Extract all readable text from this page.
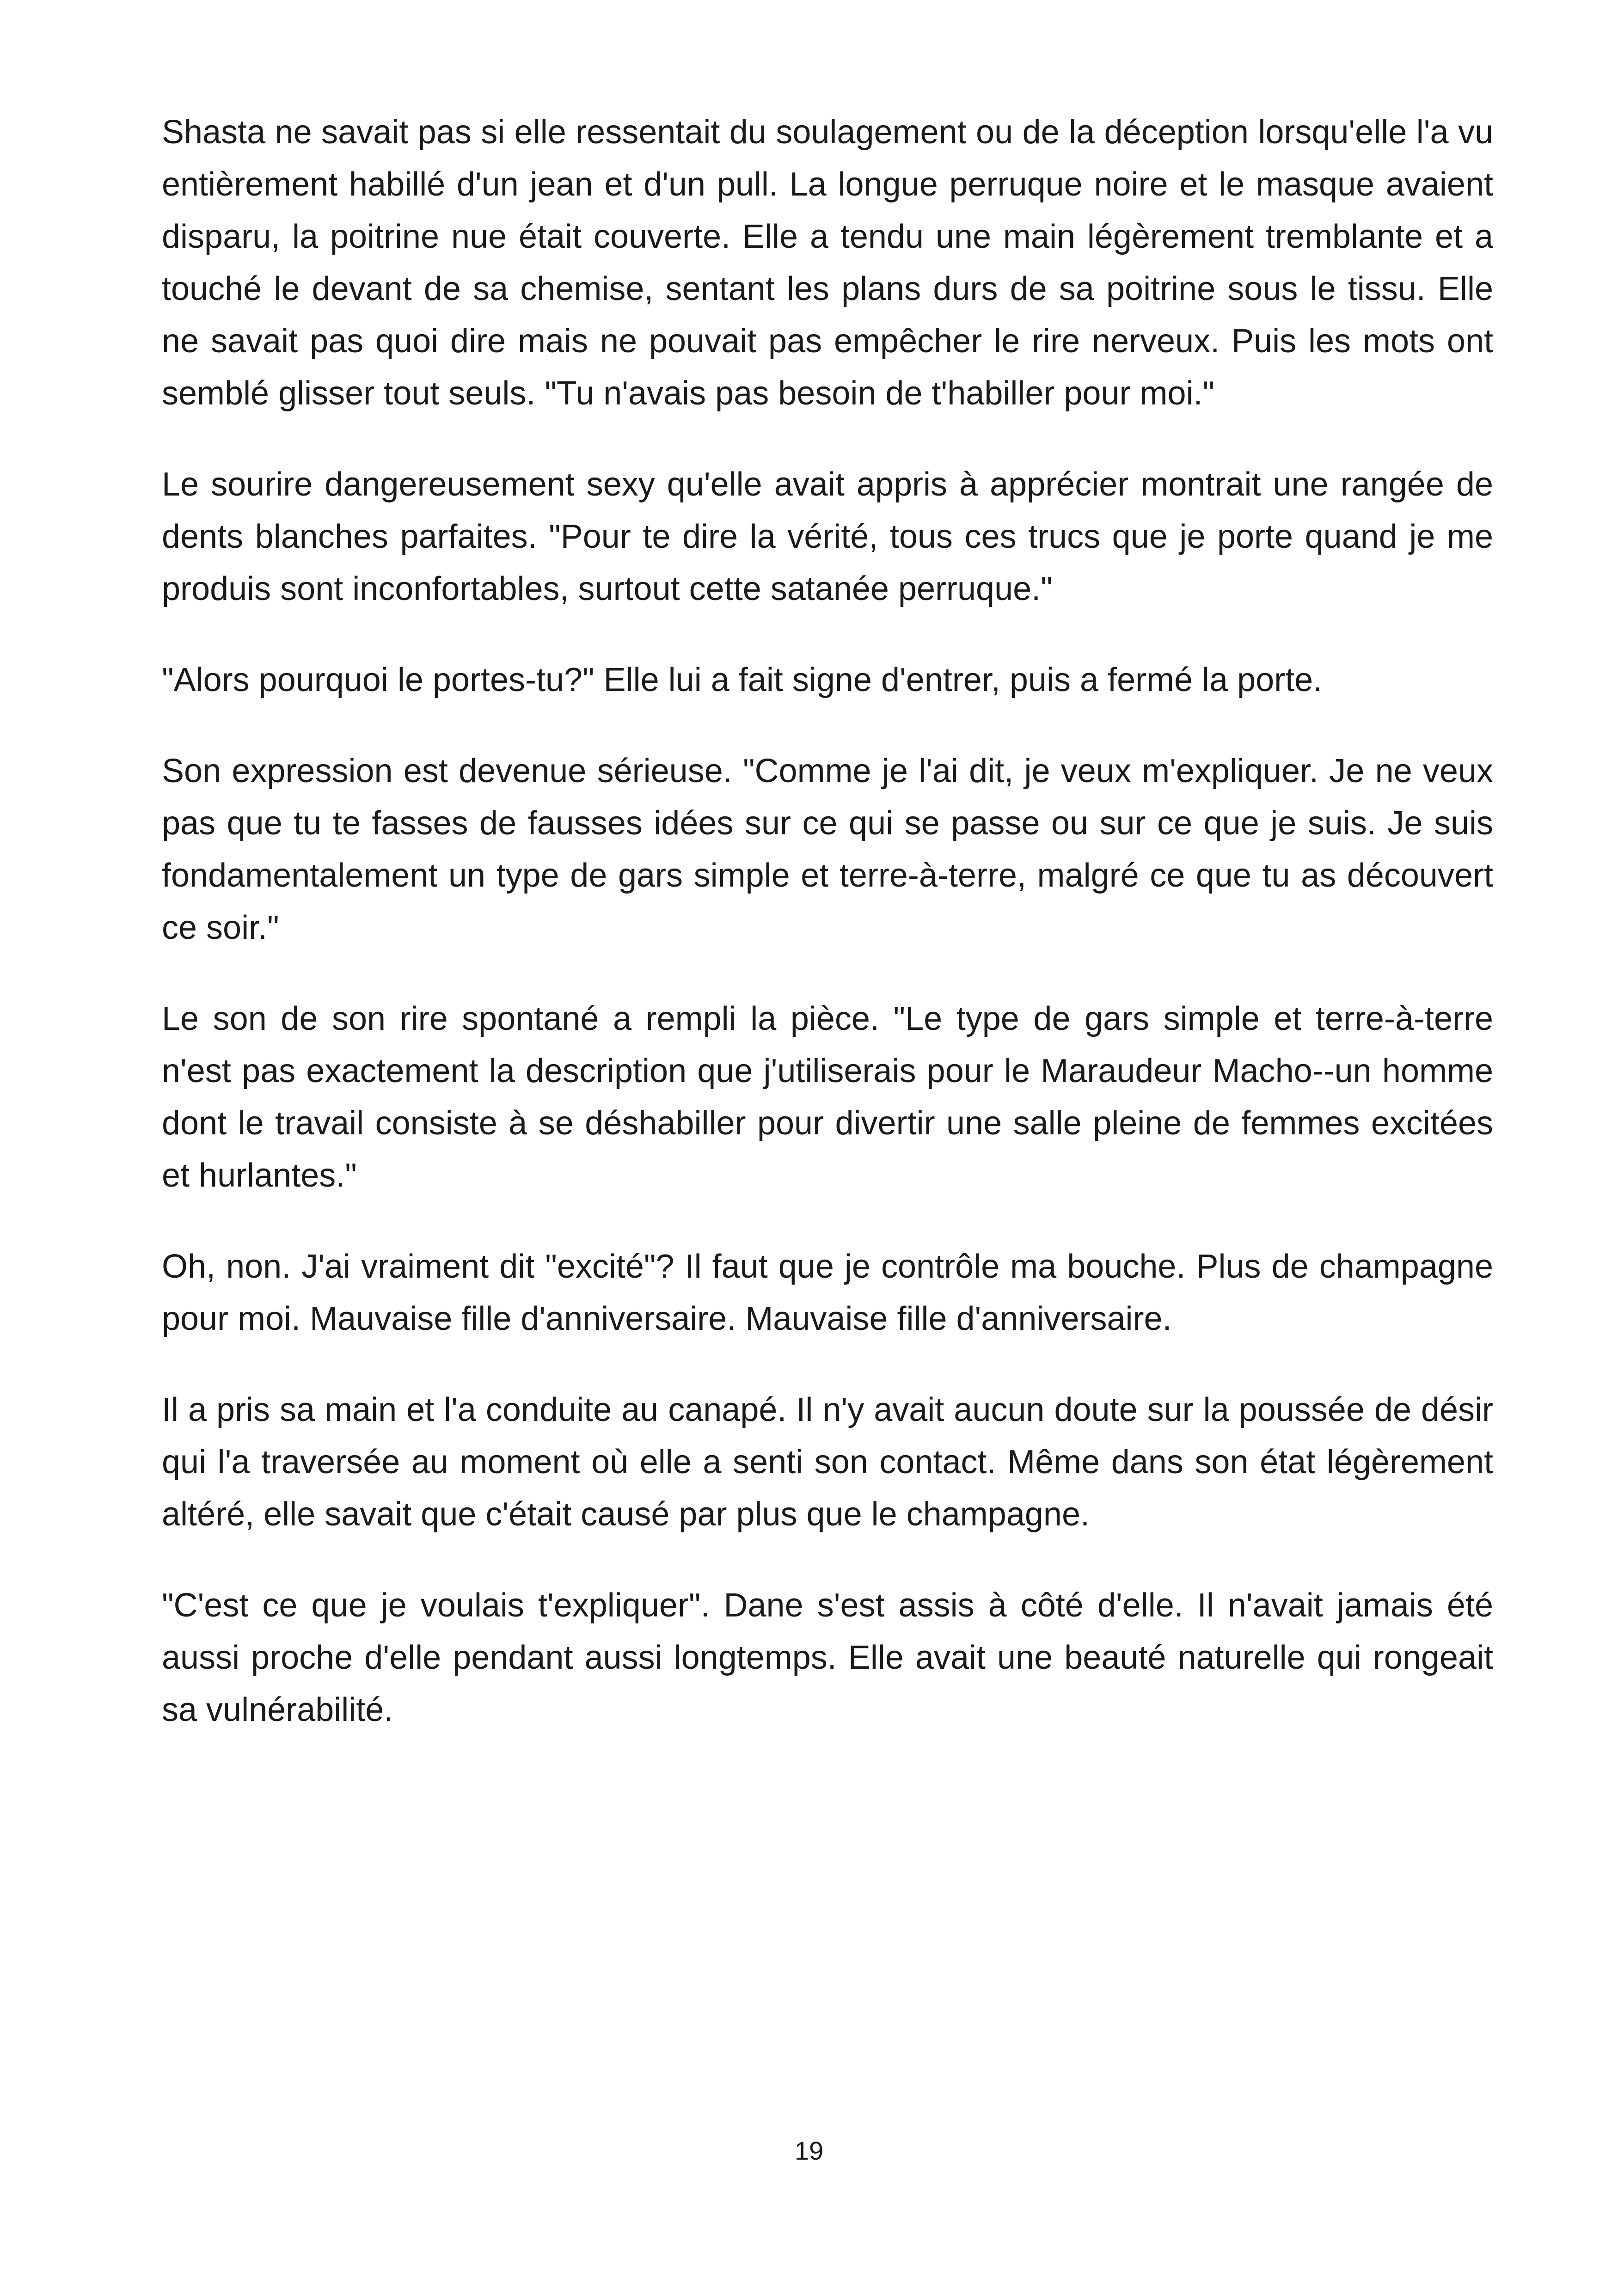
Shasta ne savait pas si elle ressentait du soulagement ou de la déception lorsqu'elle l'a vu entièrement habillé d'un jean et d'un pull. La longue perruque noire et le masque avaient disparu, la poitrine nue était couverte. Elle a tendu une main légèrement tremblante et a touché le devant de sa chemise, sentant les plans durs de sa poitrine sous le tissu. Elle ne savait pas quoi dire mais ne pouvait pas empêcher le rire nerveux. Puis les mots ont semblé glisser tout seuls. "Tu n'avais pas besoin de t'habiller pour moi."

Le sourire dangereusement sexy qu'elle avait appris à apprécier montrait une rangée de dents blanches parfaites. "Pour te dire la vérité, tous ces trucs que je porte quand je me produis sont inconfortables, surtout cette satanée perruque."

"Alors pourquoi le portes-tu?" Elle lui a fait signe d'entrer, puis a fermé la porte.

Son expression est devenue sérieuse. "Comme je l'ai dit, je veux m'expliquer. Je ne veux pas que tu te fasses de fausses idées sur ce qui se passe ou sur ce que je suis. Je suis fondamentalement un type de gars simple et terre-à-terre, malgré ce que tu as découvert ce soir."

Le son de son rire spontané a rempli la pièce. "Le type de gars simple et terre-à-terre n'est pas exactement la description que j'utiliserais pour le Maraudeur Macho--un homme dont le travail consiste à se déshabiller pour divertir une salle pleine de femmes excitées et hurlantes."

Oh, non. J'ai vraiment dit "excité"? Il faut que je contrôle ma bouche. Plus de champagne pour moi. Mauvaise fille d'anniversaire. Mauvaise fille d'anniversaire.

Il a pris sa main et l'a conduite au canapé. Il n'y avait aucun doute sur la poussée de désir qui l'a traversée au moment où elle a senti son contact. Même dans son état légèrement altéré, elle savait que c'était causé par plus que le champagne.

"C'est ce que je voulais t'expliquer". Dane s'est assis à côté d'elle. Il n'avait jamais été aussi proche d'elle pendant aussi longtemps. Elle avait une beauté naturelle qui rongeait sa vulnérabilité.

19
